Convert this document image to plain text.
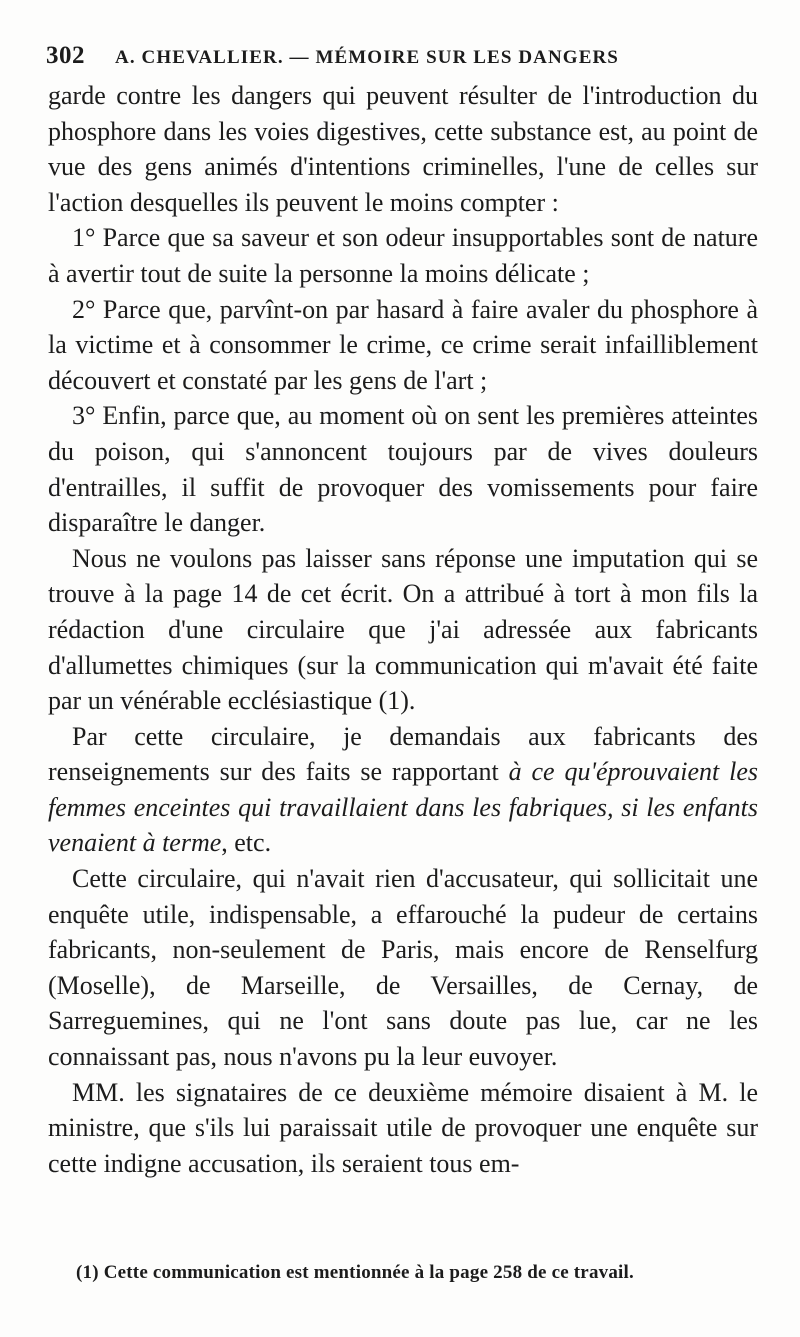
302 A. CHEVALLIER. — MÉMOIRE SUR LES DANGERS

garde contre les dangers qui peuvent résulter de l'introduction du phosphore dans les voies digestives, cette substance est, au point de vue des gens animés d'intentions criminelles, l'une de celles sur l'action desquelles ils peuvent le moins compter :

1° Parce que sa saveur et son odeur insupportables sont de nature à avertir tout de suite la personne la moins délicate ;

2° Parce que, parvînt-on par hasard à faire avaler du phosphore à la victime et à consommer le crime, ce crime serait infailliblement découvert et constaté par les gens de l'art ;

3° Enfin, parce que, au moment où on sent les premières atteintes du poison, qui s'annoncent toujours par de vives douleurs d'entrailles, il suffit de provoquer des vomissements pour faire disparaître le danger.

Nous ne voulons pas laisser sans réponse une imputation qui se trouve à la page 14 de cet écrit. On a attribué à tort à mon fils la rédaction d'une circulaire que j'ai adressée aux fabricants d'allumettes chimiques (sur la communication qui m'avait été faite par un vénérable ecclésiastique (1).

Par cette circulaire, je demandais aux fabricants des renseignements sur des faits se rapportant à ce qu'éprouvaient les femmes enceintes qui travaillaient dans les fabriques, si les enfants venaient à terme, etc.

Cette circulaire, qui n'avait rien d'accusateur, qui sollicitait une enquête utile, indispensable, a effarouché la pudeur de certains fabricants, non-seulement de Paris, mais encore de Renselfurg (Moselle), de Marseille, de Versailles, de Cernay, de Sarreguemines, qui ne l'ont sans doute pas lue, car ne les connaissant pas, nous n'avons pu la leur euvoyer.

MM. les signataires de ce deuxième mémoire disaient à M. le ministre, que s'ils lui paraissait utile de provoquer une enquête sur cette indigne accusation, ils seraient tous em-

(1) Cette communication est mentionnée à la page 258 de ce travail.
